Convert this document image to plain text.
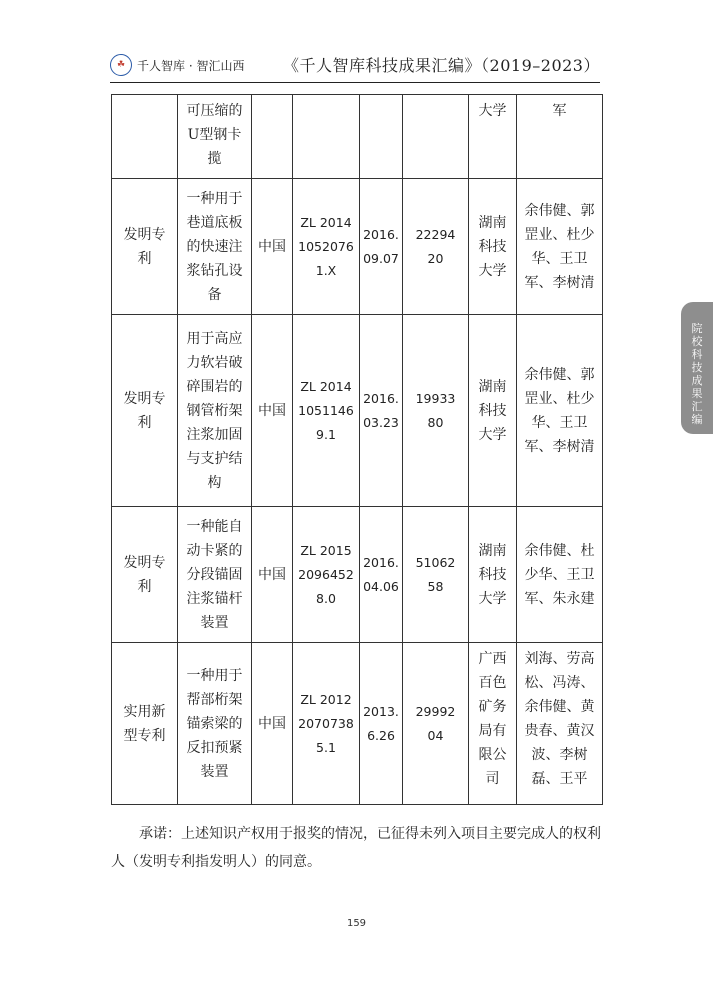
☘ 千人智库 · 智汇山西 《千人智库科技成果汇编》（2019–2023）

	可压缩的U型钢卡揽					大学	军

发明专利	一种用于巷道底板的快速注浆钻孔设备	中国	ZL 2014 10520761.X	2016.09.07	2229420	湖南科技大学	余伟健、郭罡业、杜少华、王卫军、李树清

发明专利	用于高应力软岩破碎围岩的钢管桁架注浆加固与支护结构	中国	ZL 2014 10511469.1	2016.03.23	1993380	湖南科技大学	余伟健、郭罡业、杜少华、王卫军、李树清

发明专利	一种能自动卡紧的分段锚固注浆锚杆装置	中国	ZL 2015 20964528.0	2016.04.06	5106258	湖南科技大学	余伟健、杜少华、王卫军、朱永建

实用新型专利	一种用于帮部桁架锚索梁的反扣预紧装置	中国	ZL 2012 20707385.1	2013.6.26	2999204	广西百色矿务局有限公司	刘海、劳高松、冯涛、余伟健、黄贵春、黄汉波、李树磊、王平
承诺：上述知识产权用于报奖的情况，已征得未列入项目主要完成人的权利人（发明专利指发明人）的同意。
159
院校科技成果汇编
